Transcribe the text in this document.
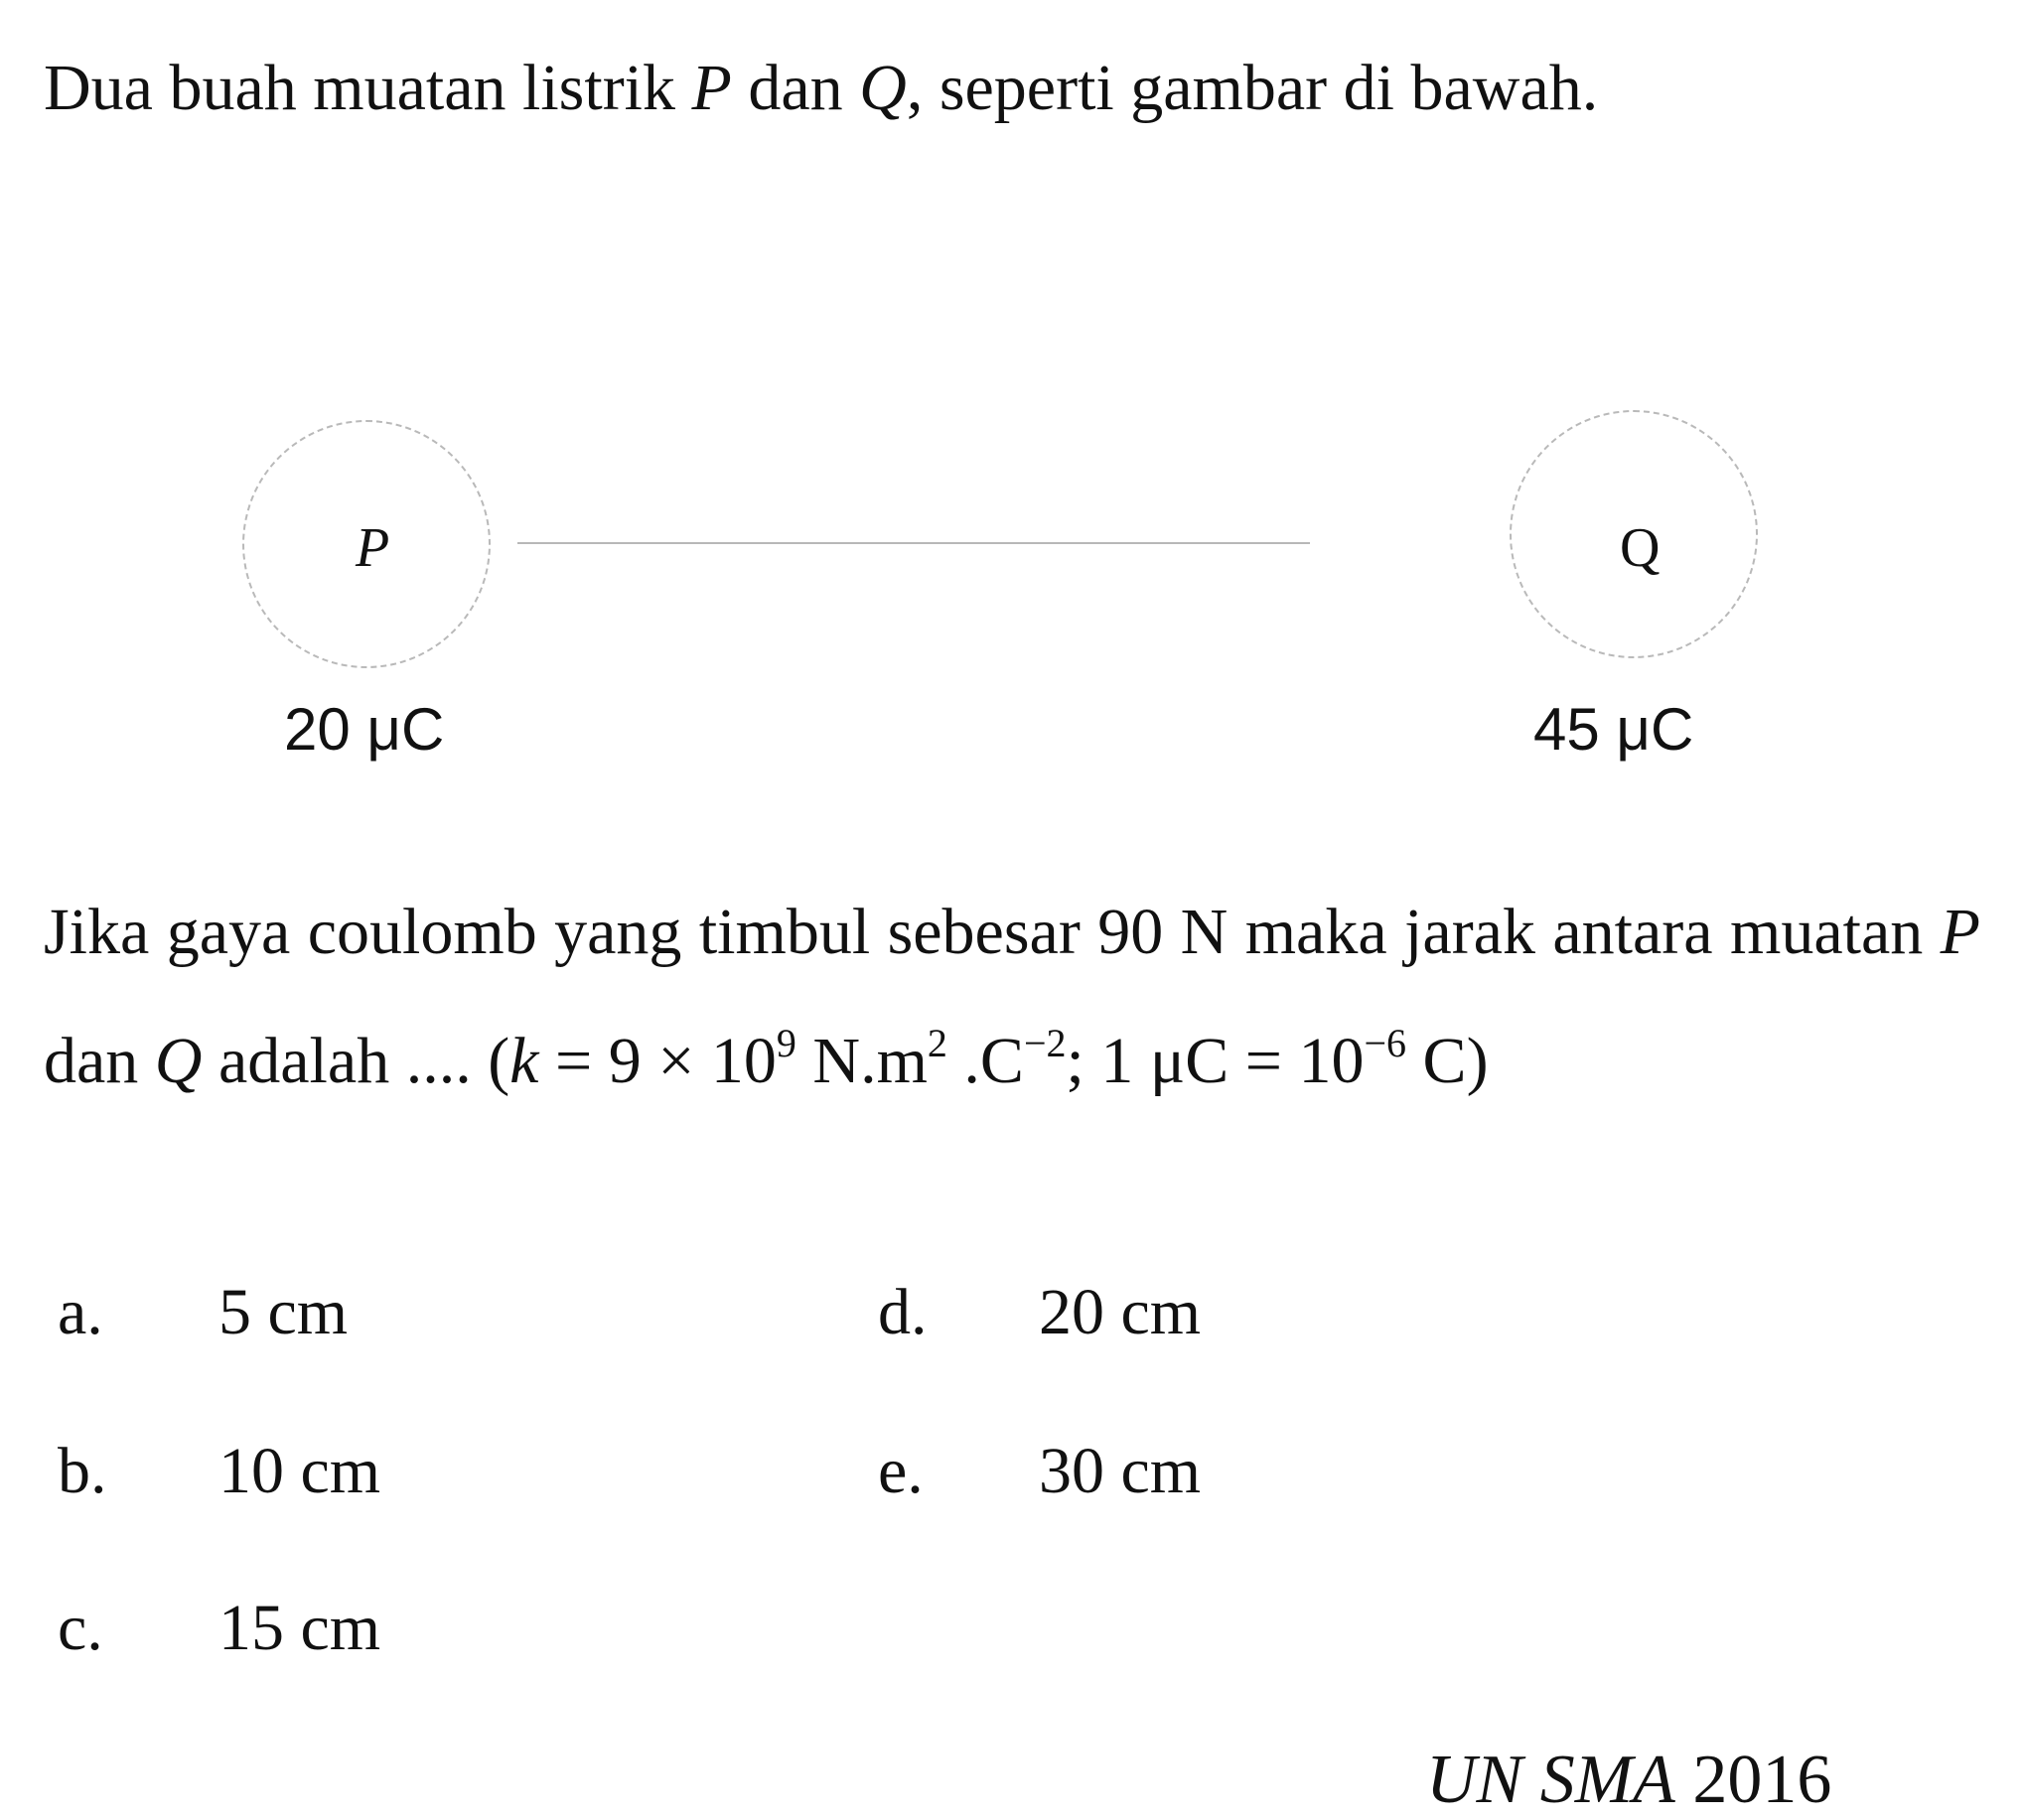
Dua buah muatan listrik P dan Q, seperti gambar di bawah.

P	Q
20 μC	45 μC

Jika gaya coulomb yang timbul sebesar 90 N maka jarak antara muatan P dan Q adalah .... ($k = 9 \times 10^9$ $N.m^2$ $.C^{-2}$; 1 $\mu C = 10^{-6}$ C)

a. 5 cm
b. 10 cm
c. 15 cm
d. 20 cm
e. 30 cm
UN SMA 2016
